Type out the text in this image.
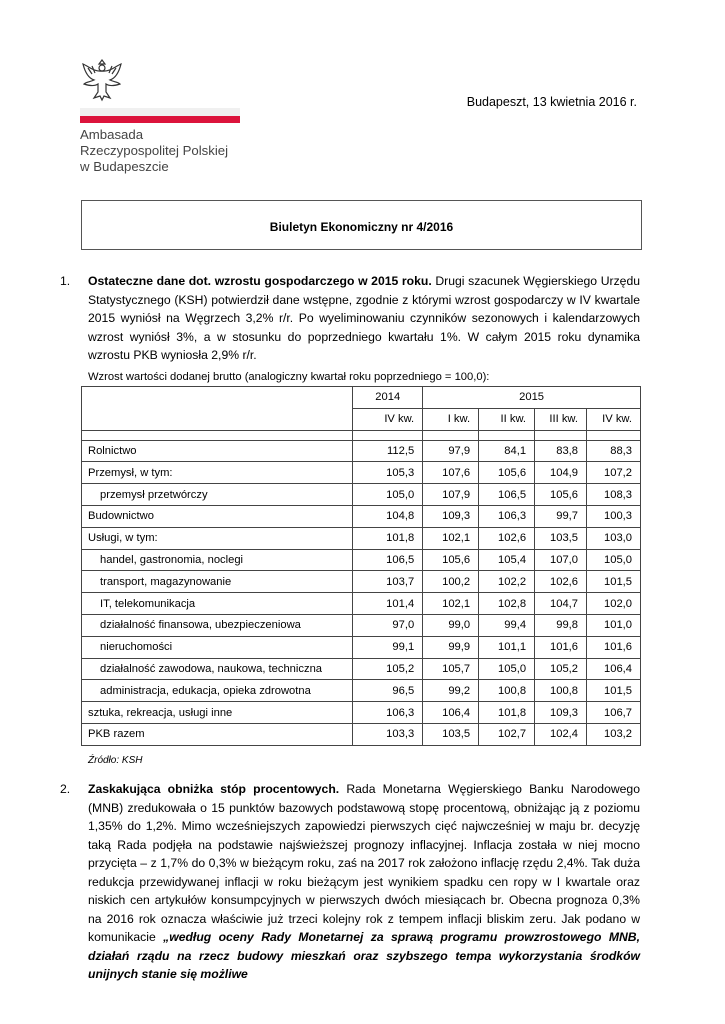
Ambasada
Rzeczypospolitej Polskiej
w Budapeszcie
Budapeszt, 13 kwietnia 2016 r.
Biuletyn Ekonomiczny nr 4/2016
1. Ostateczne dane dot. wzrostu gospodarczego w 2015 roku. Drugi szacunek Węgierskiego Urzędu Statystycznego (KSH) potwierdził dane wstępne, zgodnie z którymi wzrost gospodarczy w IV kwartale 2015 wyniósł na Węgrzech 3,2% r/r. Po wyeliminowaniu czynników sezonowych i kalendarzowych wzrost wyniósł 3%, a w stosunku do poprzedniego kwartału 1%. W całym 2015 roku dynamika wzrostu PKB wyniosła 2,9% r/r.
Wzrost wartości dodanej brutto (analogiczny kwartał roku poprzedniego = 100,0):
	2014	2015			
	IV kw.	I kw.	II kw.	III kw.	IV kw.

Rolnictwo	112,5	97,9	84,1	83,8	88,3
Przemysł, w tym:	105,3	107,6	105,6	104,9	107,2
przemysł przetwórczy	105,0	107,9	106,5	105,6	108,3
Budownictwo	104,8	109,3	106,3	99,7	100,3
Usługi, w tym:	101,8	102,1	102,6	103,5	103,0
handel, gastronomia, noclegi	106,5	105,6	105,4	107,0	105,0
transport, magazynowanie	103,7	100,2	102,2	102,6	101,5
IT, telekomunikacja	101,4	102,1	102,8	104,7	102,0
działalność finansowa, ubezpieczeniowa	97,0	99,0	99,4	99,8	101,0
nieruchomości	99,1	99,9	101,1	101,6	101,6
działalność zawodowa, naukowa, techniczna	105,2	105,7	105,0	105,2	106,4
administracja, edukacja, opieka zdrowotna	96,5	99,2	100,8	100,8	101,5
sztuka, rekreacja, usługi inne	106,3	106,4	101,8	109,3	106,7
PKB razem	103,3	103,5	102,7	102,4	103,2
Źródło: KSH
2. Zaskakująca obniżka stóp procentowych. Rada Monetarna Węgierskiego Banku Narodowego (MNB) zredukowała o 15 punktów bazowych podstawową stopę procentową, obniżając ją z poziomu 1,35% do 1,2%. Mimo wcześniejszych zapowiedzi pierwszych cięć najwcześniej w maju br. decyzję taką Rada podjęła na podstawie najświeższej prognozy inflacyjnej. Inflacja została w niej mocno przycięta – z 1,7% do 0,3% w bieżącym roku, zaś na 2017 rok założono inflację rzędu 2,4%. Tak duża redukcja przewidywanej inflacji w roku bieżącym jest wynikiem spadku cen ropy w I kwartale oraz niskich cen artykułów konsumpcyjnych w pierwszych dwóch miesiącach br. Obecna prognoza 0,3% na 2016 rok oznacza właściwie już trzeci kolejny rok z tempem inflacji bliskim zeru. Jak podano w komunikacie „według oceny Rady Monetarnej za sprawą programu prowzrostowego MNB, działań rządu na rzecz budowy mieszkań oraz szybszego tempa wykorzystania środków unijnych stanie się możliwe
